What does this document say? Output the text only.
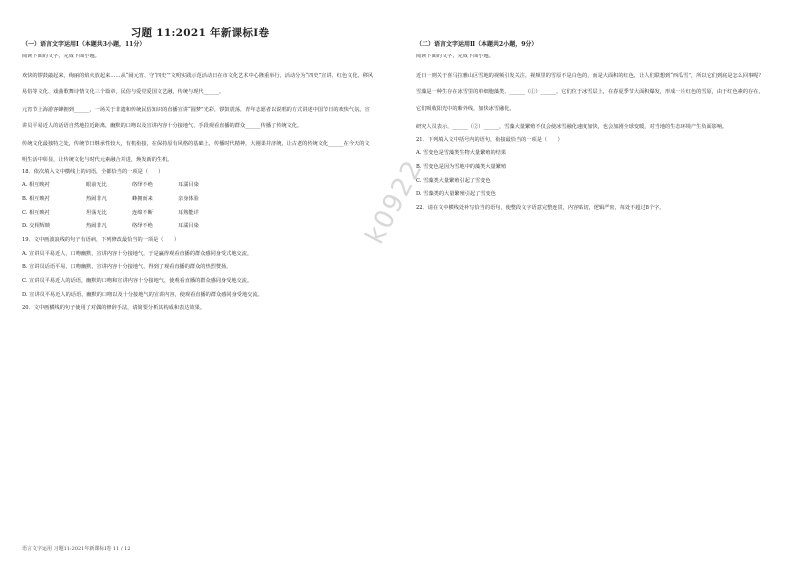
习题 11:2021 年新课标Ⅰ卷
（一）语言文字运用Ⅰ（本题共3小题，11分）
阅读下面的文字，完成下面小题。
欢快的锣鼓敲起来，绚丽的焰火放起来……从“闹元宵、守‘四史’”文明实践示范活动日在市文化艺术中心隆重举行，活动分为“四史”宣讲、红色文化、移风易俗等文化、戏曲歌舞诗情文化三个篇章，民俗与爱党爱国文艺融，传统与现代______。
元宵节上海游客蜂拥到______，一场关于非遗和传统民俗知识的直播宣讲“圆梦”光彩，锣鼓震荡，青年志愿者以说唱的方式讲述中国节日的欢快气氛，宣讲员平易近人的话语自然地拉近距离，幽默的口吻以及宣讲内容十分接地气，手段观看直播的群众______传播了传统文化。
传统文化最独特之处，传统节日继承性较大，有机衔接，在保持原有风格的基础上，传播时代精神，大刚柔并济统，让古老的传统文化______在今天的文明生活中彰显，让传统文化与时代元素融合并进，焕发新的生机。
18．依次填入文中横线上的词语，全都恰当的一项是（　　）
A. 相互映衬	眼前无比	络绎不绝	耳濡目染
B. 相互映衬	热闹非凡	蜂拥而来	亲身体验
C. 相互映衬	坦荡无比	连绵不断	耳熟能详
D. 交相辉映	热闹非凡	络绎不绝	耳濡目染
19．文中画波浪线的句子有语病，下列修改最恰当的一项是（　　）
A. 宣讲员平易近人，口吻幽默，宣讲内容十分接地气，于是赢得观看直播的群众感同身受式地交流。
B. 宣讲员话语平易，口吻幽默，宣讲内容十分接地气，得到了观看直播的群众的热烈赞扬。
C. 宣讲员平易近人的话语，幽默的口吻和宣讲内容十分接地气，使观看直播的群众感同身受地交流。
D. 宣讲员平易近人的话语、幽默的口吻以及十分接地气的宣讲内容，使观看直播的群众感同身受地交流。
20．文中画横线的句子使用了对偶的修辞手法，请简要分析其构成和表达效果。
（二）语言文字运用Ⅱ（本题共2小题，9分）
阅读下面的文字，完成下面小题。
近日一则关于喜马拉雅山区雪地的视频引发关注，视频里的雪原不是白色的，而是大面积的红色，让人们联想到“西瓜雪”，所以它们到底是怎么回事呢？雪藻是一种生存在冰雪里的单细胞藻类，______（①）______。它们位于冰雪层上，在春夏季节大面积爆发，形成一片红色的雪原，由于红色素的存在，它们吸收阳光中的紫外线，加快冰雪融化。
研究人员表示，______（②）______，雪藻大量繁殖不仅会使冰雪融化速度加快，也会加剧全球变暖，对当地的生态环境产生负面影响。
21．下列填入文中括号内的语句，衔接最恰当的一项是（　　）
A. 雪变色是雪藻类生物大量繁殖的结果
B. 雪变色是因为雪地中的藻类大量繁殖
C. 雪藻类大量繁殖引起了雪变色
D. 雪藻类的大量繁殖引起了雪变色
22．请在文中横线处补写恰当的语句，使整段文字语意完整连贯，内容贴切，逻辑严密，每处不超过8个字。
k0922
语言文字运用 习题11:2021年新课标Ⅰ卷 11 / 12
